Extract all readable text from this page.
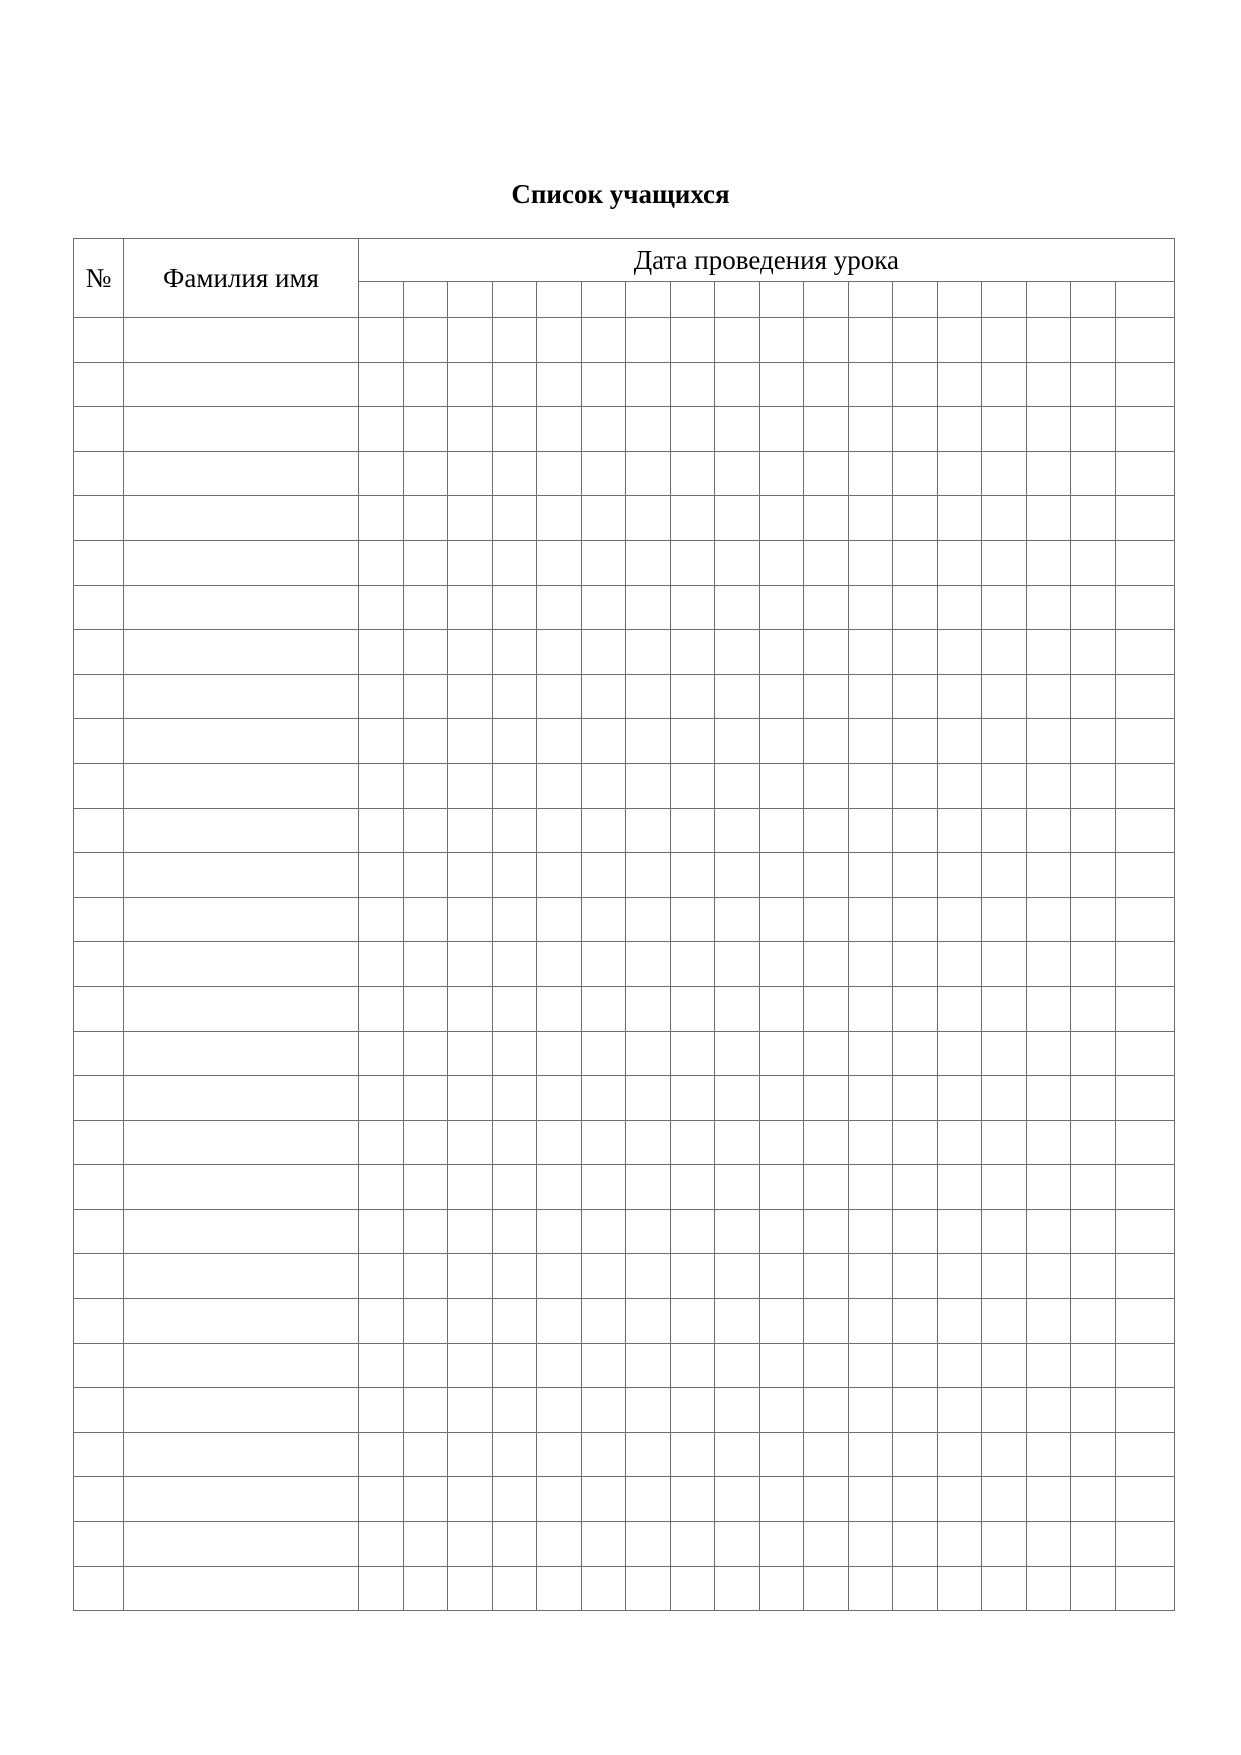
Список учащихся
№	Фамилия имя	Дата проведения урока																	
